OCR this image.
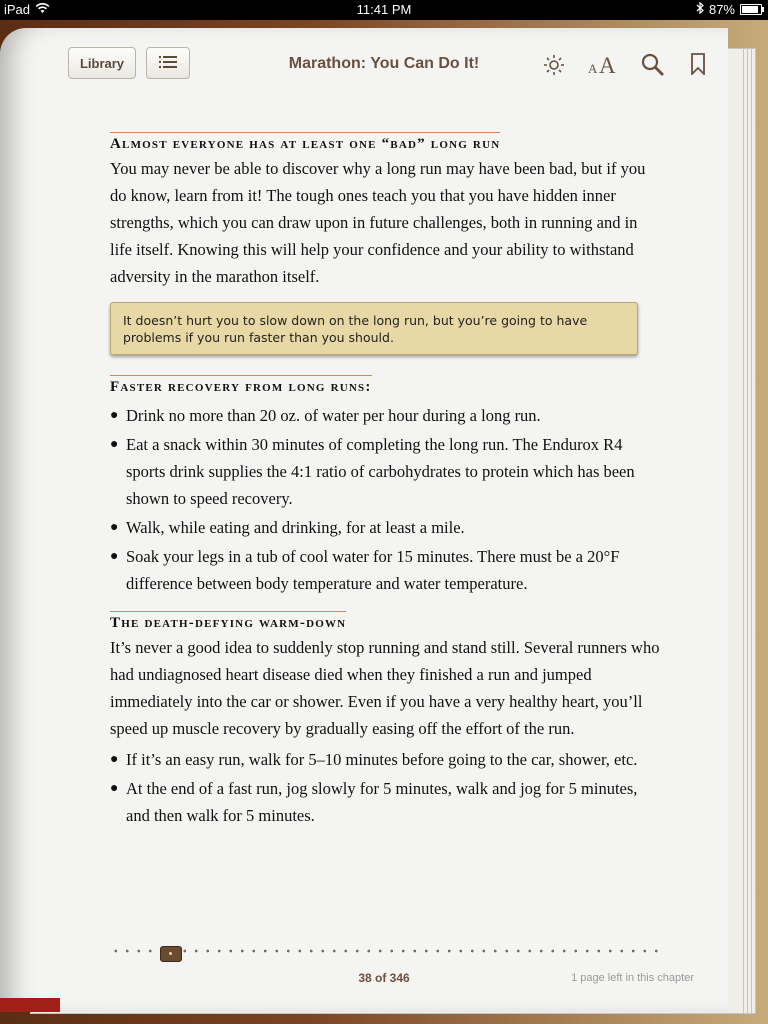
iPad	11:41 PM	87%
Library	Marathon: You Can Do It!	A A
Almost everyone has at least one “bad” long run

You may never be able to discover why a long run may have been bad, but if you do know, learn from it! The tough ones teach you that you have hidden inner strengths, which you can draw upon in future challenges, both in running and in life itself. Knowing this will help your confidence and your ability to withstand adversity in the marathon itself.

It doesn’t hurt you to slow down on the long run, but you’re going to have problems if you run faster than you should.
Faster recovery from long runs:
● Drink no more than 20 oz. of water per hour during a long run.
● Eat a snack within 30 minutes of completing the long run. The Endurox R4 sports drink supplies the 4:1 ratio of carbohydrates to protein which has been shown to speed recovery.
● Walk, while eating and drinking, for at least a mile.
● Soak your legs in a tub of cool water for 15 minutes. There must be a 20°F difference between body temperature and water temperature.
The death-defying warm-down

It’s never a good idea to suddenly stop running and stand still. Several runners who had undiagnosed heart disease died when they finished a run and jumped immediately into the car or shower. Even if you have a very healthy heart, you’ll speed up muscle recovery by gradually easing off the effort of the run.

● If it’s an easy run, walk for 5–10 minutes before going to the car, shower, etc.
● At the end of a fast run, jog slowly for 5 minutes, walk and jog for 5 minutes, and then walk for 5 minutes.
38 of 346	1 page left in this chapter
